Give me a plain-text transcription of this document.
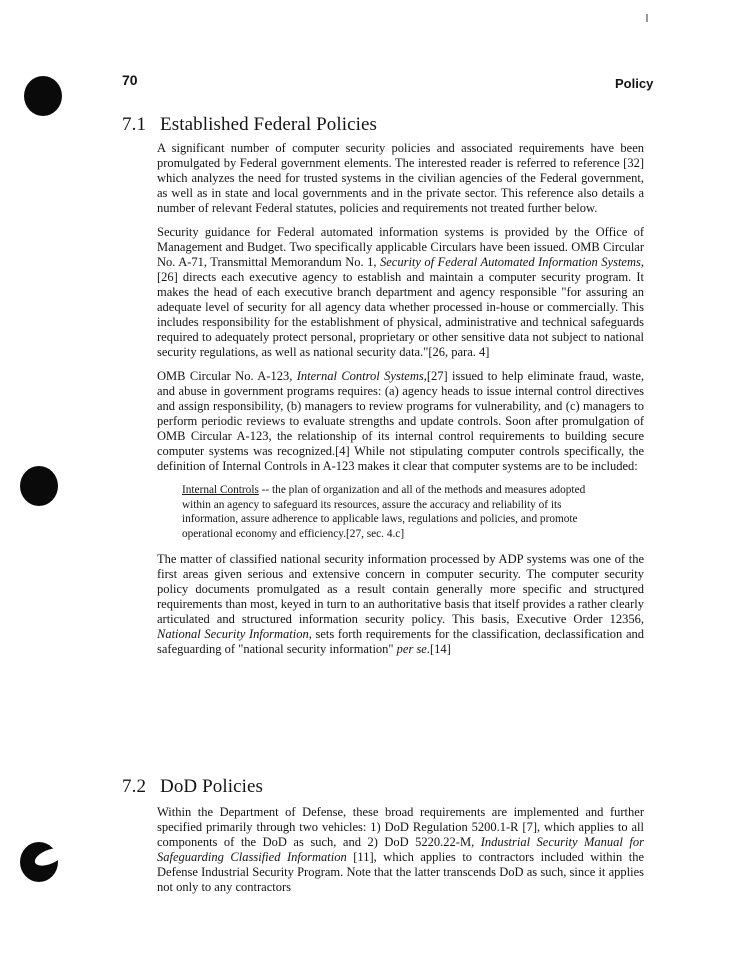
70	Policy
7.1 Established Federal Policies

A significant number of computer security policies and associated requirements have been promulgated by Federal government elements. The interested reader is referred to reference [32] which analyzes the need for trusted systems in the civilian agencies of the Federal government, as well as in state and local governments and in the private sector. This reference also details a number of relevant Federal statutes, policies and requirements not treated further below.

Security guidance for Federal automated information systems is provided by the Office of Management and Budget. Two specifically applicable Circulars have been issued. OMB Circular No. A-71, Transmittal Memorandum No. 1, Security of Federal Automated Information Systems,[26] directs each executive agency to establish and maintain a computer security program. It makes the head of each executive branch department and agency responsible "for assuring an adequate level of security for all agency data whether processed in-house or commercially. This includes responsibility for the establishment of physical, administrative and technical safeguards required to adequately protect personal, proprietary or other sensitive data not subject to national security regulations, as well as national security data."[26, para. 4]

OMB Circular No. A-123, Internal Control Systems,[27] issued to help eliminate fraud, waste, and abuse in government programs requires: (a) agency heads to issue internal control directives and assign responsibility, (b) managers to review programs for vulnerability, and (c) managers to perform periodic reviews to evaluate strengths and update controls. Soon after promulgation of OMB Circular A-123, the relationship of its internal control requirements to building secure computer systems was recognized.[4] While not stipulating computer controls specifically, the definition of Internal Controls in A-123 makes it clear that computer systems are to be included:

Internal Controls -- the plan of organization and all of the methods and measures adopted within an agency to safeguard its resources, assure the accuracy and reliability of its information, assure adherence to applicable laws, regulations and policies, and promote operational economy and efficiency.[27, sec. 4.c]

The matter of classified national security information processed by ADP systems was one of the first areas given serious and extensive concern in computer security. The computer security policy documents promulgated as a result contain generally more specific and structured requirements than most, keyed in turn to an authoritative basis that itself provides a rather clearly articulated and structured information security policy. This basis, Executive Order 12356, National Security Information, sets forth requirements for the classification, declassification and safeguarding of "national security information" per se.[14]

7.2 DoD Policies

Within the Department of Defense, these broad requirements are implemented and further specified primarily through two vehicles: 1) DoD Regulation 5200.1-R [7], which applies to all components of the DoD as such, and 2) DoD 5220.22-M, Industrial Security Manual for Safeguarding Classified Information [11], which applies to contractors included within the Defense Industrial Security Program. Note that the latter transcends DoD as such, since it applies not only to any contractors
